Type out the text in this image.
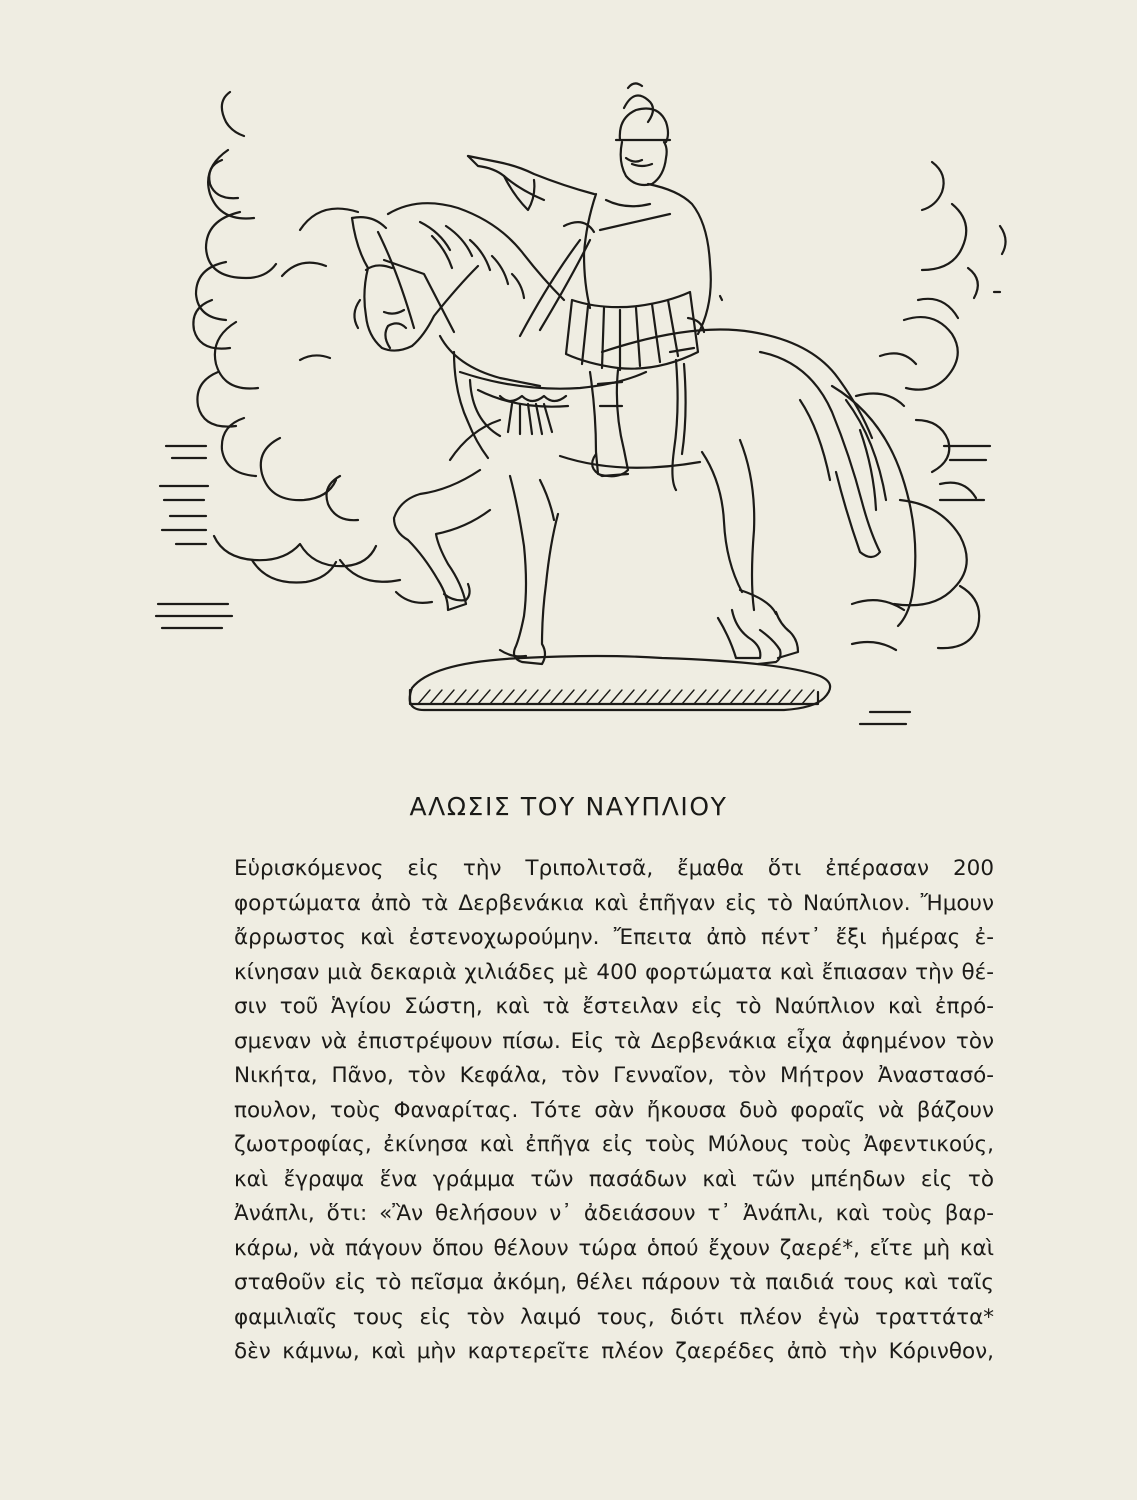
ΑΛΩΣΙΣ ΤΟΥ ΝΑΥΠΛΙΟΥ
Εὑρισκόμενος εἰς τὴν Τριπολιτσᾶ, ἔμαθα ὅτι ἐπέρασαν 200
φορτώματα ἀπὸ τὰ Δερβενάκια καὶ ἐπῆγαν εἰς τὸ Ναύπλιον. Ἤμουν
ἄρρωστος καὶ ἐστενοχωρούμην. Ἔπειτα ἀπὸ πέντ᾽ ἔξι ἡμέρας ἐ-
κίνησαν μιὰ δεκαριὰ χιλιάδες μὲ 400 φορτώματα καὶ ἔπιασαν τὴν θέ-
σιν τοῦ Ἁγίου Σώστη, καὶ τὰ ἔστειλαν εἰς τὸ Ναύπλιον καὶ ἐπρό-
σμεναν νὰ ἐπιστρέψουν πίσω. Εἰς τὰ Δερβενάκια εἶχα ἀφημένον τὸν
Νικήτα, Πᾶνο, τὸν Κεφάλα, τὸν Γενναῖον, τὸν Μήτρον Ἀναστασό-
πουλον, τοὺς Φαναρίτας. Τότε σὰν ἤκουσα δυὸ φοραῖς νὰ βάζουν
ζωοτροφίας, ἐκίνησα καὶ ἐπῆγα εἰς τοὺς Μύλους τοὺς Ἀφεντικούς,
καὶ ἔγραψα ἕνα γράμμα τῶν πασάδων καὶ τῶν μπέηδων εἰς τὸ
Ἀνάπλι, ὅτι: «Ἂν θελήσουν ν᾽ ἀδειάσουν τ᾽ Ἀνάπλι, καὶ τοὺς βαρ-
κάρω, νὰ πάγουν ὅπου θέλουν τώρα ὁπού ἔχουν ζαερέ*, εἴτε μὴ καὶ
σταθοῦν εἰς τὸ πεῖσμα ἀκόμη, θέλει πάρουν τὰ παιδιά τους καὶ ταῖς
φαμιλιαῖς τους εἰς τὸν λαιμό τους, διότι πλέον ἐγὼ τραττάτα*
δὲν κάμνω, καὶ μὴν καρτερεῖτε πλέον ζαερέδες ἀπὸ τὴν Κόρινθον,
